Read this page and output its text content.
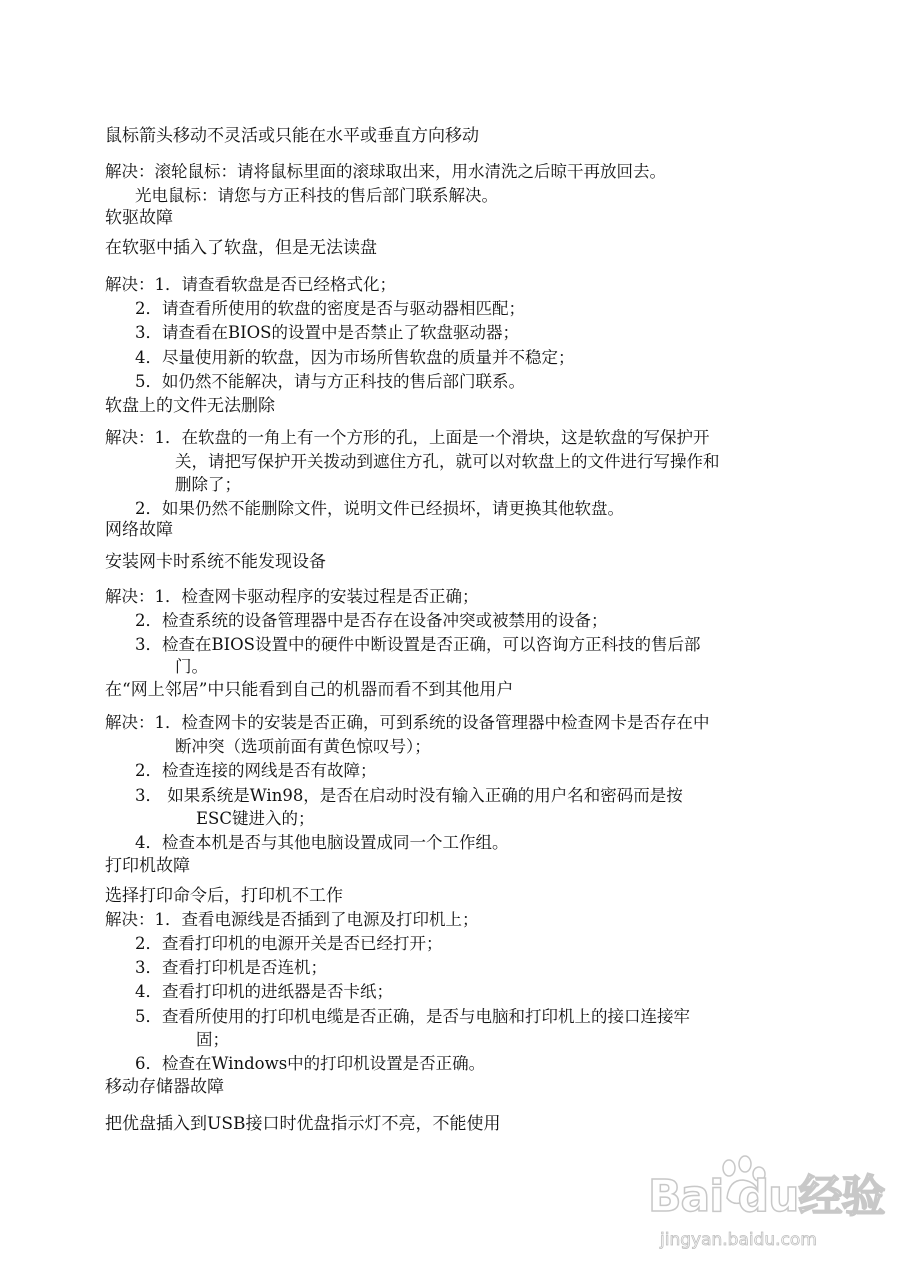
鼠标箭头移动不灵活或只能在水平或垂直方向移动
解决：滚轮鼠标：请将鼠标里面的滚球取出来，用水清洗之后晾干再放回去。
光电鼠标：请您与方正科技的售后部门联系解决。
软驱故障
在软驱中插入了软盘，但是无法读盘
解决：1．请查看软盘是否已经格式化；
2．请查看所使用的软盘的密度是否与驱动器相匹配；
3．请查看在BIOS的设置中是否禁止了软盘驱动器；
4．尽量使用新的软盘，因为市场所售软盘的质量并不稳定；
5．如仍然不能解决，请与方正科技的售后部门联系。
软盘上的文件无法删除
解决：1．在软盘的一角上有一个方形的孔，上面是一个滑块，这是软盘的写保护开
关，请把写保护开关拨动到遮住方孔，就可以对软盘上的文件进行写操作和
删除了；
2．如果仍然不能删除文件，说明文件已经损坏，请更换其他软盘。
网络故障
安装网卡时系统不能发现设备
解决：1．检查网卡驱动程序的安装过程是否正确；
2．检查系统的设备管理器中是否存在设备冲突或被禁用的设备；
3．检查在BIOS设置中的硬件中断设置是否正确，可以咨询方正科技的售后部
门。
在“网上邻居”中只能看到自己的机器而看不到其他用户
解决：1．检查网卡的安装是否正确，可到系统的设备管理器中检查网卡是否存在中
断冲突（选项前面有黄色惊叹号）；
2．检查连接的网线是否有故障；
3． 如果系统是Win98，是否在启动时没有输入正确的用户名和密码而是按
ESC键进入的；
4．检查本机是否与其他电脑设置成同一个工作组。
打印机故障
选择打印命令后，打印机不工作
解决：1．查看电源线是否插到了电源及打印机上；
2．查看打印机的电源开关是否已经打开；
3．查看打印机是否连机；
4．查看打印机的进纸器是否卡纸；
5．查看所使用的打印机电缆是否正确，是否与电脑和打印机上的接口连接牢
固；
6．检查在Windows中的打印机设置是否正确。
移动存储器故障
把优盘插入到USB接口时优盘指示灯不亮，不能使用
Bai du经验
jingyan.baidu.com
